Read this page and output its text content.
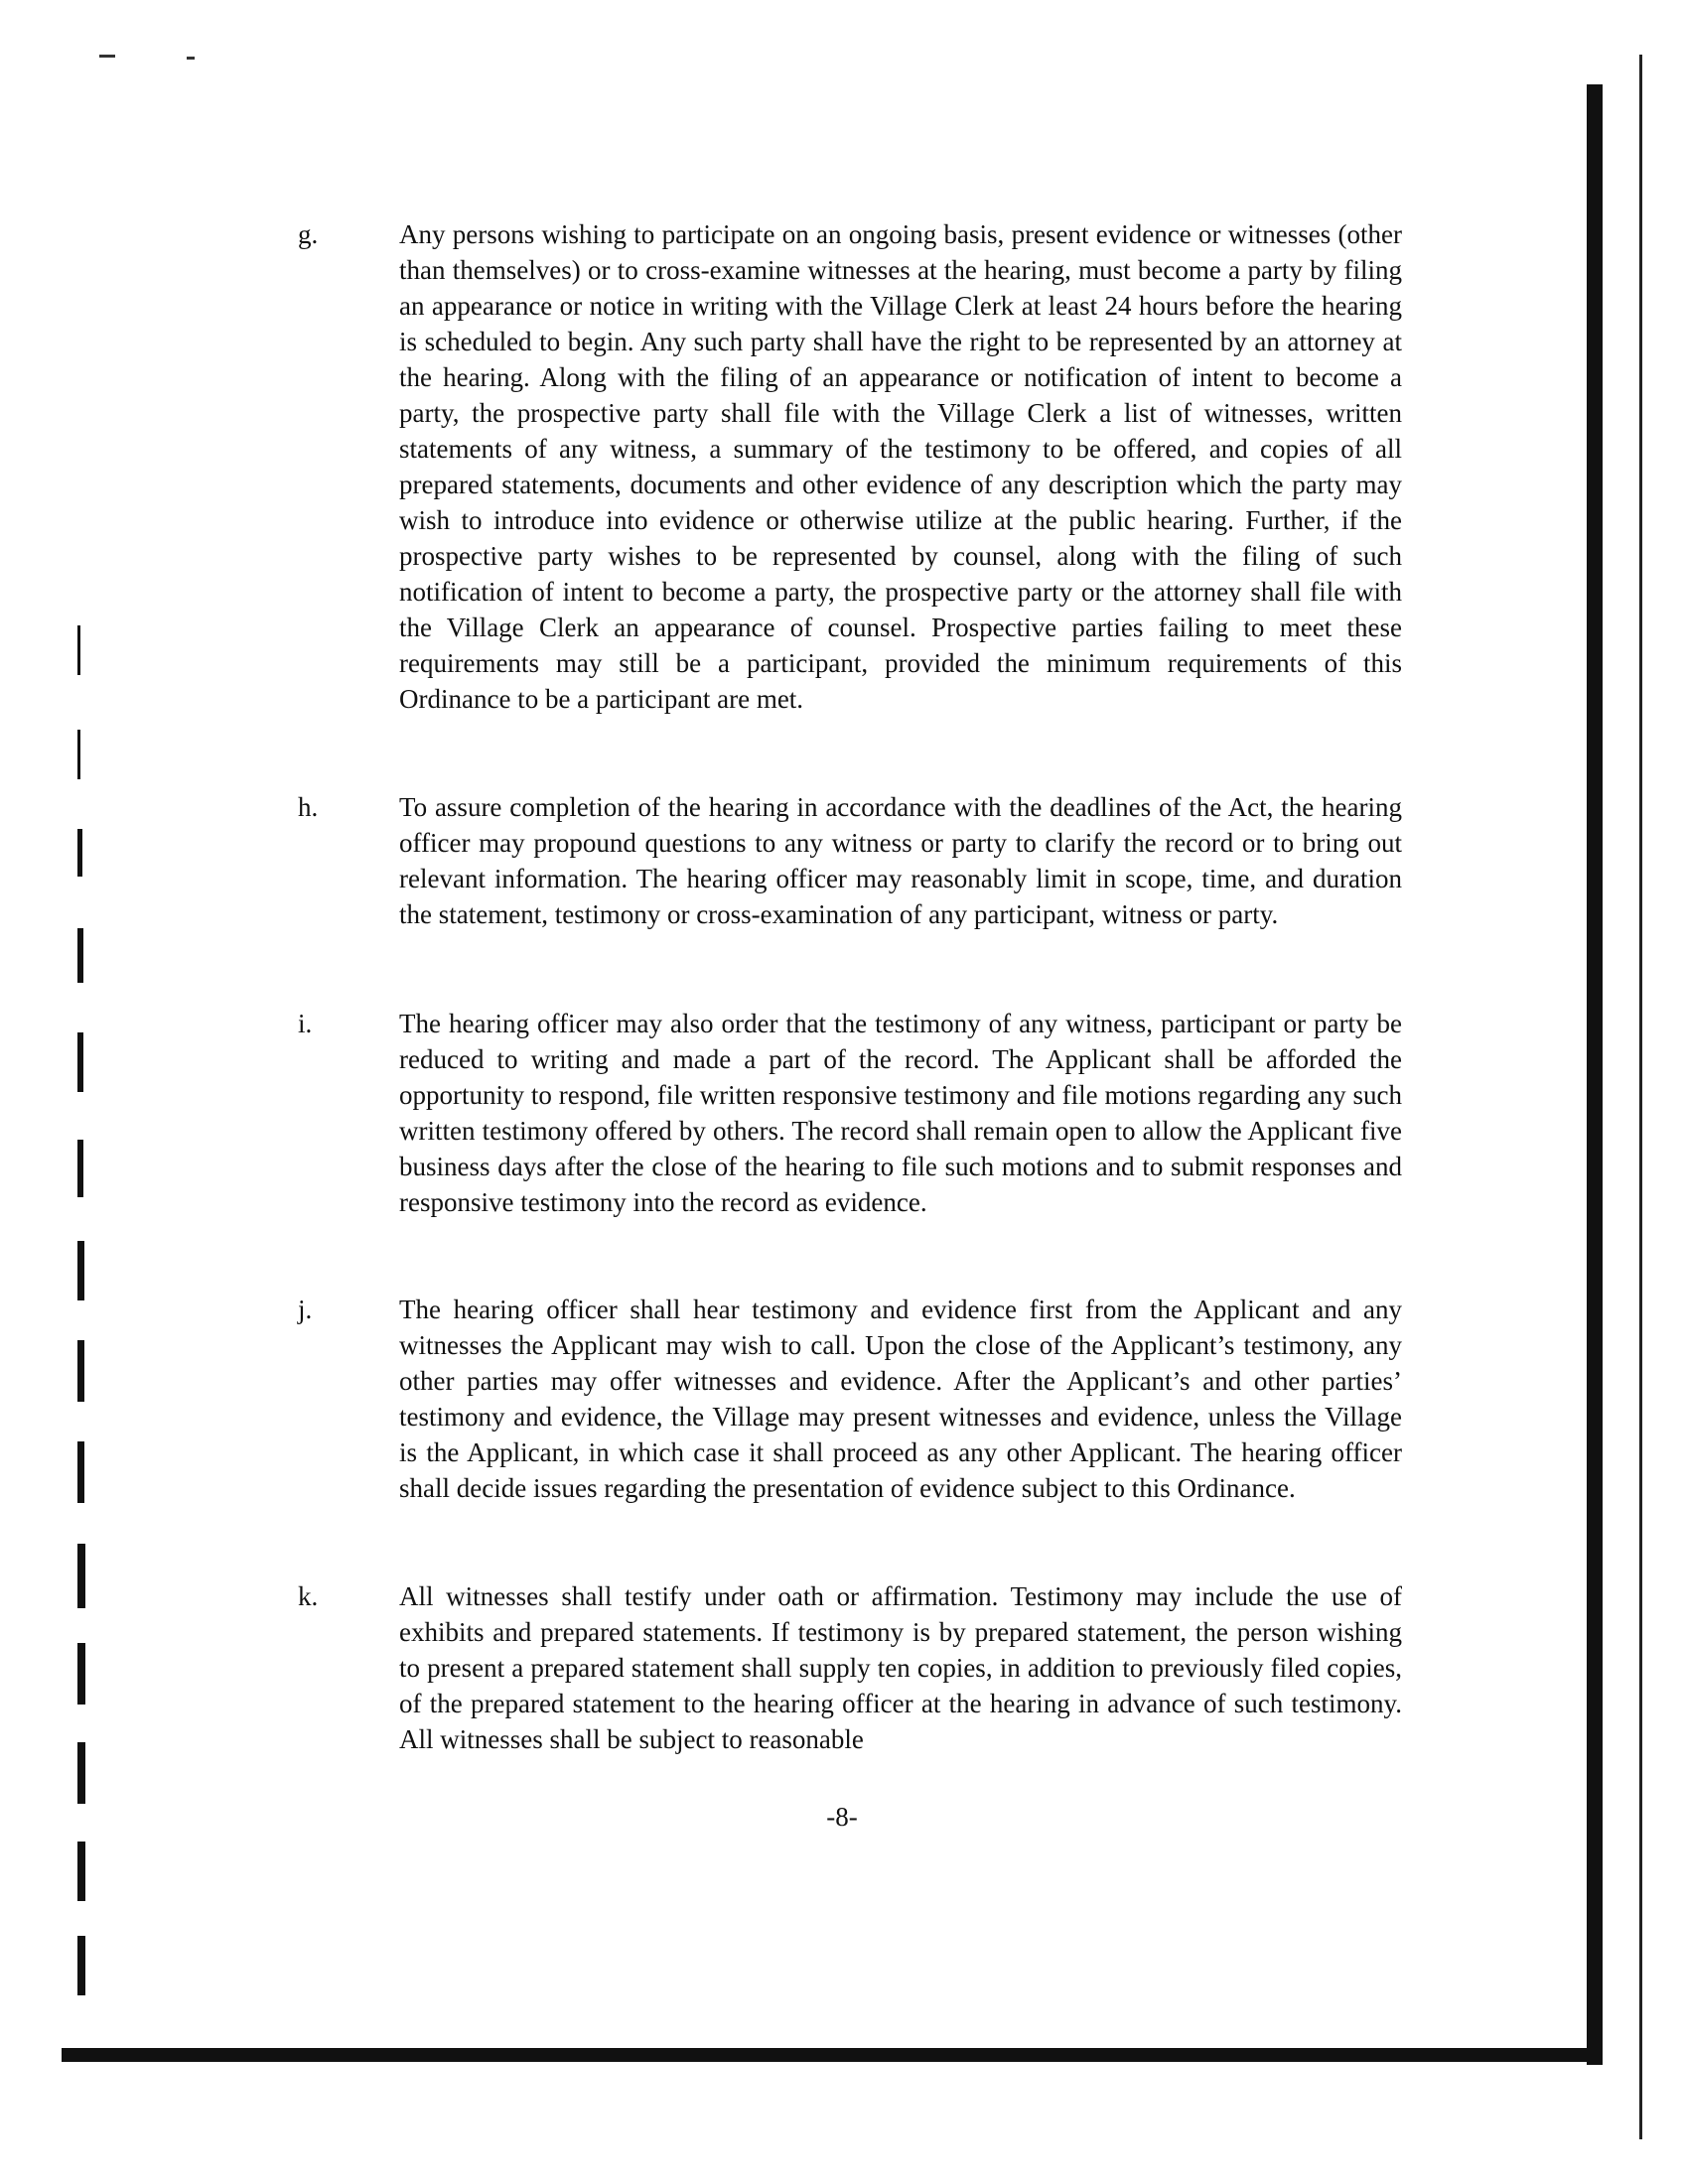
g.	Any persons wishing to participate on an ongoing basis, present evidence or witnesses (other than themselves) or to cross-examine witnesses at the hearing, must become a party by filing an appearance or notice in writing with the Village Clerk at least 24 hours before the hearing is scheduled to begin. Any such party shall have the right to be represented by an attorney at the hearing. Along with the filing of an appearance or notification of intent to become a party, the prospective party shall file with the Village Clerk a list of witnesses, written statements of any witness, a summary of the testimony to be offered, and copies of all prepared statements, documents and other evidence of any description which the party may wish to introduce into evidence or otherwise utilize at the public hearing. Further, if the prospective party wishes to be represented by counsel, along with the filing of such notification of intent to become a party, the prospective party or the attorney shall file with the Village Clerk an appearance of counsel. Prospective parties failing to meet these requirements may still be a participant, provided the minimum requirements of this Ordinance to be a participant are met.
h.	To assure completion of the hearing in accordance with the deadlines of the Act, the hearing officer may propound questions to any witness or party to clarify the record or to bring out relevant information. The hearing officer may reasonably limit in scope, time, and duration the statement, testimony or cross-examination of any participant, witness or party.
i.	The hearing officer may also order that the testimony of any witness, participant or party be reduced to writing and made a part of the record. The Applicant shall be afforded the opportunity to respond, file written responsive testimony and file motions regarding any such written testimony offered by others. The record shall remain open to allow the Applicant five business days after the close of the hearing to file such motions and to submit responses and responsive testimony into the record as evidence.
j.	The hearing officer shall hear testimony and evidence first from the Applicant and any witnesses the Applicant may wish to call. Upon the close of the Applicant’s testimony, any other parties may offer witnesses and evidence. After the Applicant’s and other parties’ testimony and evidence, the Village may present witnesses and evidence, unless the Village is the Applicant, in which case it shall proceed as any other Applicant. The hearing officer shall decide issues regarding the presentation of evidence subject to this Ordinance.
k.	All witnesses shall testify under oath or affirmation. Testimony may include the use of exhibits and prepared statements. If testimony is by prepared statement, the person wishing to present a prepared statement shall supply ten copies, in addition to previously filed copies, of the prepared statement to the hearing officer at the hearing in advance of such testimony. All witnesses shall be subject to reasonable
-8-
